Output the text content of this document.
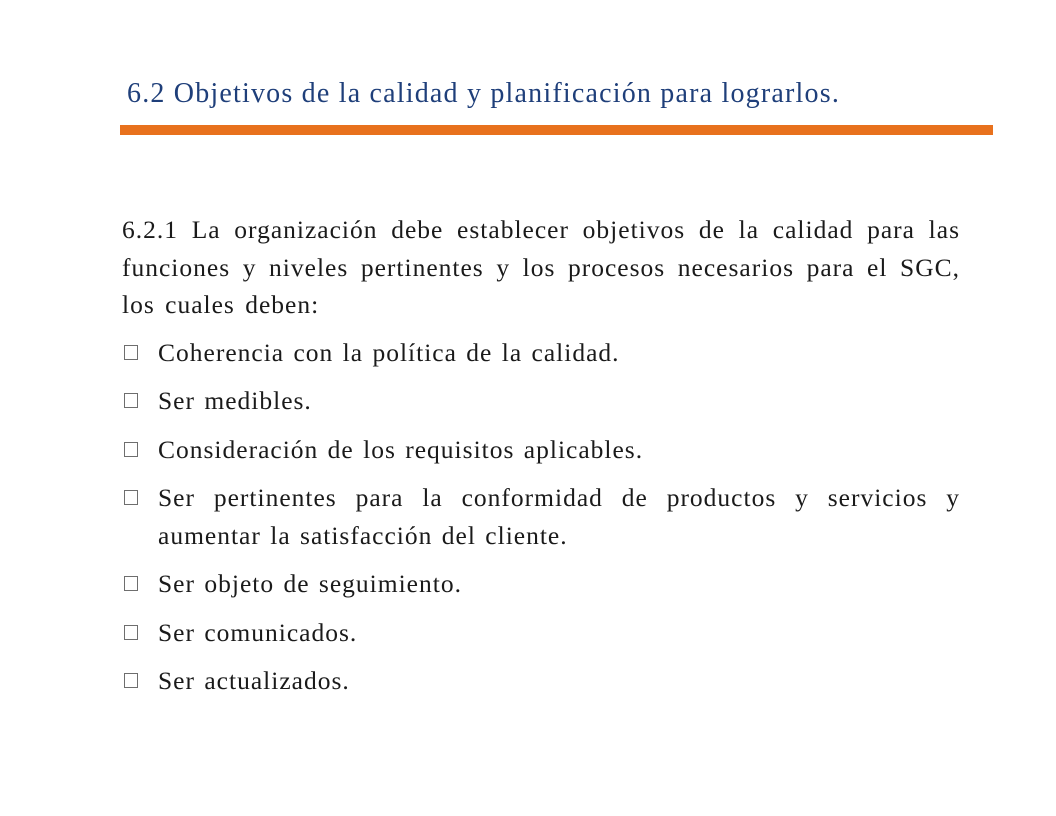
6.2 Objetivos de la calidad y planificación para lograrlos.

6.2.1 La organización debe establecer objetivos de la calidad para las funciones y niveles pertinentes y los procesos necesarios para el SGC, los cuales deben:

Coherencia con la política de la calidad.
Ser medibles.
Consideración de los requisitos aplicables.
Ser pertinentes para la conformidad de productos y servicios y aumentar la satisfacción del cliente.
Ser objeto de seguimiento.
Ser comunicados.
Ser actualizados.
